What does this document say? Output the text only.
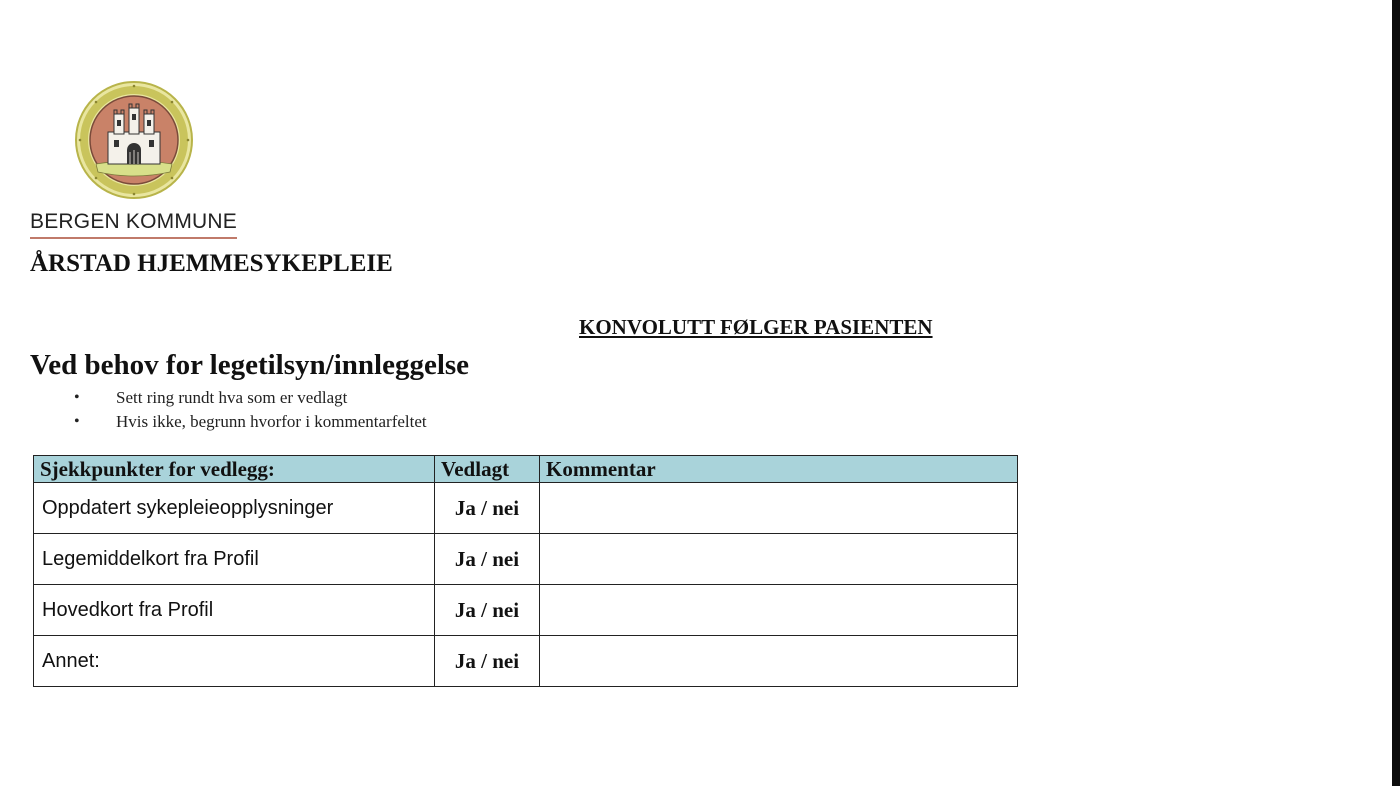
BERGEN KOMMUNE
ÅRSTAD HJEMMESYKEPLEIE
KONVOLUTT FØLGER PASIENTEN
Ved behov for legetilsyn/innleggelse
• Sett ring rundt hva som er vedlagt
• Hvis ikke, begrunn hvorfor i kommentarfeltet
Sjekkpunkter for vedlegg:	Vedlagt	Kommentar
Oppdatert sykepleieopplysninger	Ja / nei	
Legemiddelkort fra Profil	Ja / nei	
Hovedkort fra Profil	Ja / nei	
Annet:	Ja / nei	
